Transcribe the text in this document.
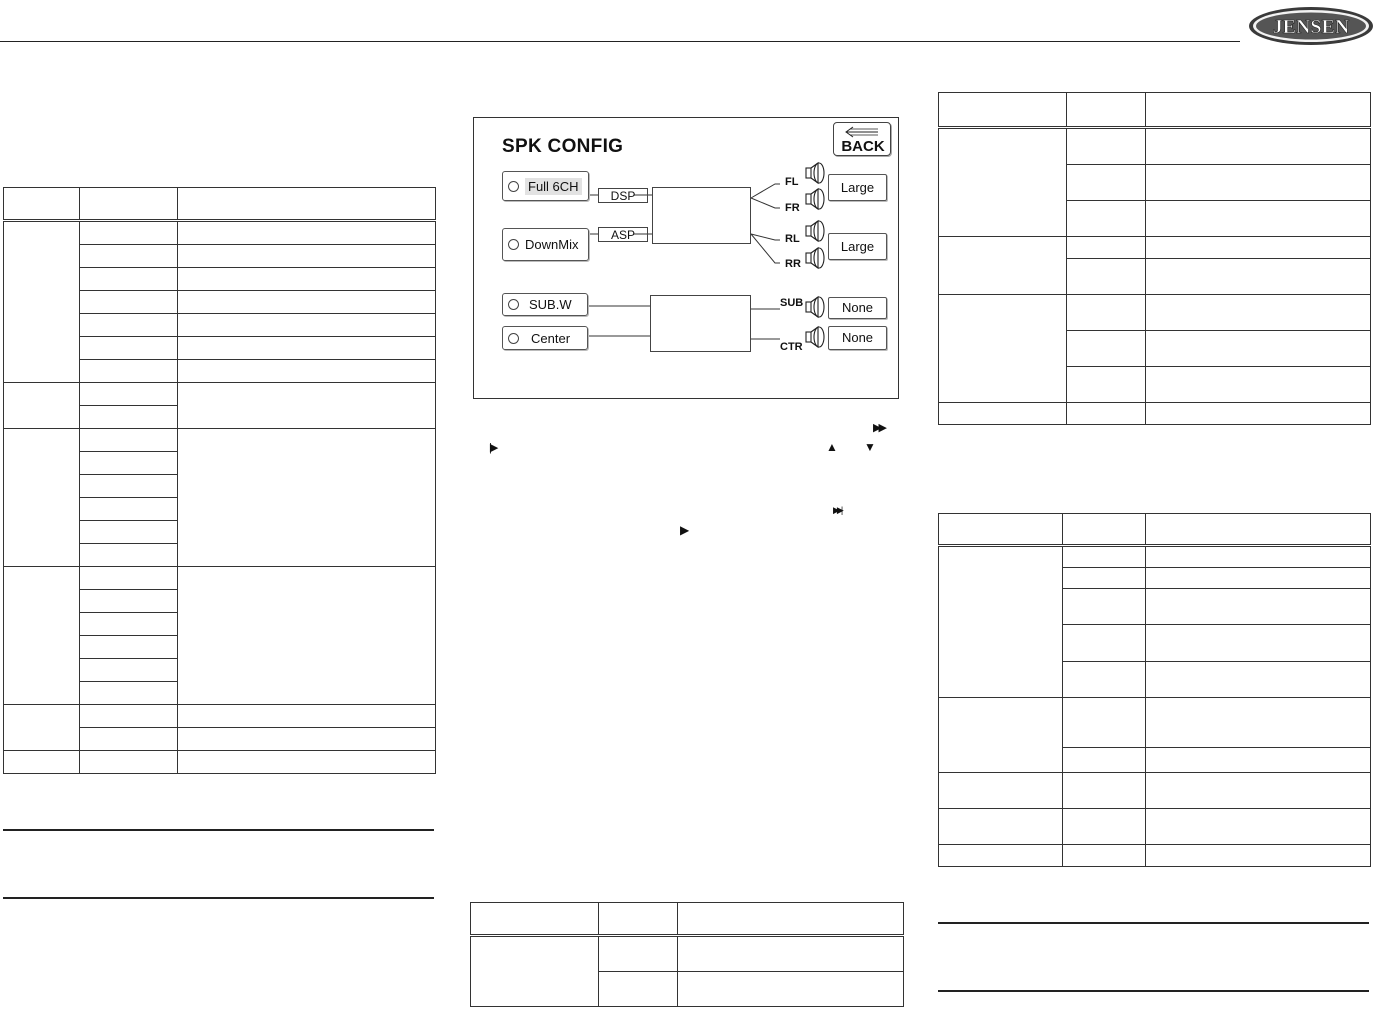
JENSEN

SPK CONFIG	BACK
Full 6CH
DownMix
DSP
ASP
SUB.W
Center
FL
FR
RL
RR
SUB
CTR
Large
Large
None
None
▶▶
|▶	▲ ▼
▶▶|
▶
